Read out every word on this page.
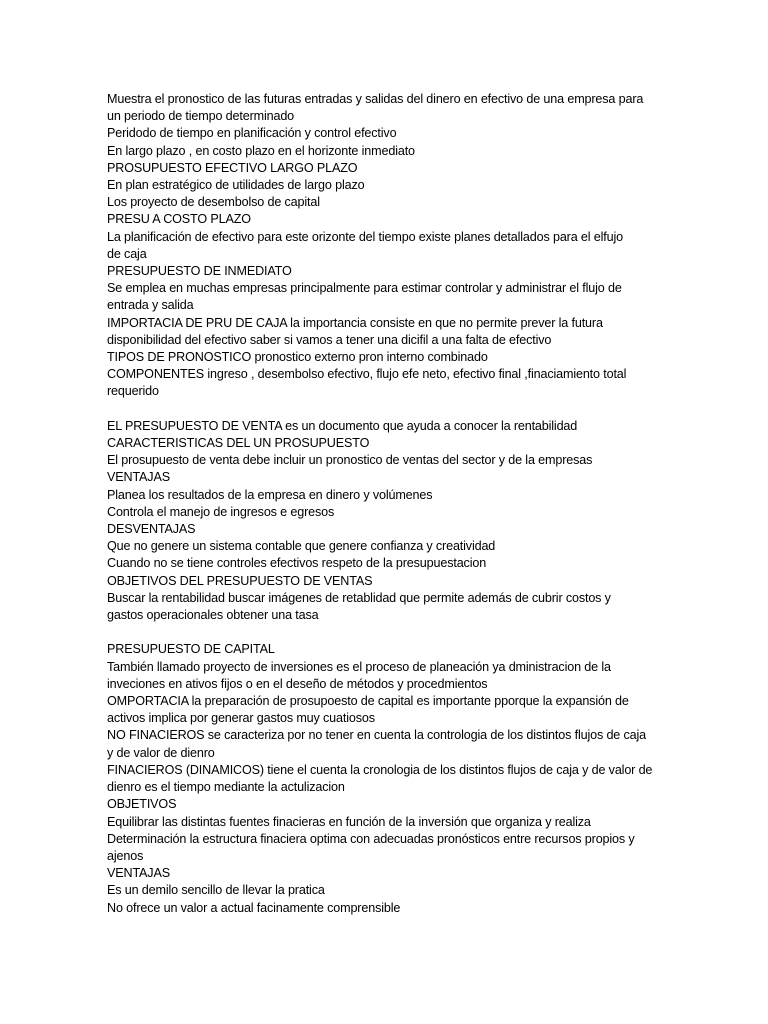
Muestra el pronostico de las futuras entradas y salidas del dinero en efectivo de una empresa para
un periodo de tiempo determinado
Peridodo de tiempo en planificación y control efectivo
En largo plazo , en costo plazo en el horizonte inmediato
PROSUPUESTO EFECTIVO LARGO PLAZO
En plan estratégico de utilidades de largo plazo
Los proyecto de desembolso de capital
PRESU A COSTO PLAZO
La planificación de efectivo para este orizonte del tiempo existe planes detallados para el elfujo
de caja
PRESUPUESTO DE INMEDIATO
Se emplea en muchas empresas principalmente para estimar controlar y administrar el flujo de
entrada y salida
IMPORTACIA DE PRU DE CAJA la importancia consiste en que no permite prever la futura
disponibilidad del efectivo saber si vamos a tener una dicifil a una falta de efectivo
TIPOS DE PRONOSTICO pronostico externo pron interno combinado
COMPONENTES ingreso , desembolso efectivo, flujo efe neto, efectivo final ,finaciamiento total
requerido
EL PRESUPUESTO DE VENTA es un documento que ayuda a conocer la rentabilidad
CARACTERISTICAS DEL UN PROSUPUESTO
El prosupuesto de venta debe incluir un pronostico de ventas del sector y de la empresas
VENTAJAS
Planea los resultados de la empresa en dinero y volúmenes
Controla el manejo de ingresos e egresos
DESVENTAJAS
Que no genere un sistema contable que genere confianza y creatividad
Cuando no se tiene controles efectivos respeto de la presupuestacion
OBJETIVOS DEL PRESUPUESTO DE VENTAS
Buscar la rentabilidad buscar imágenes de retablidad que permite además de cubrir costos y
gastos operacionales obtener una tasa
PRESUPUESTO DE CAPITAL
También llamado proyecto de inversiones es el proceso de planeación ya dministracion de la
inveciones en ativos fijos o en el deseño de métodos y procedmientos
OMPORTACIA la preparación de prosupoesto de capital es importante pporque la expansión de
activos implica por generar gastos muy cuatiosos
NO FINACIEROS se caracteriza por no tener en cuenta la contrologia de los distintos flujos de caja
y de valor de dienro
FINACIEROS (DINAMICOS) tiene el cuenta la cronologia de los distintos flujos de caja y de valor de
dienro es el tiempo mediante la actulizacion
OBJETIVOS
Equilibrar las distintas fuentes finacieras en función de la inversión que organiza y realiza
Determinación la estructura finaciera optima con adecuadas pronósticos entre recursos propios y
ajenos
VENTAJAS
Es un demilo sencillo de llevar la pratica
No ofrece un valor a actual facinamente comprensible
